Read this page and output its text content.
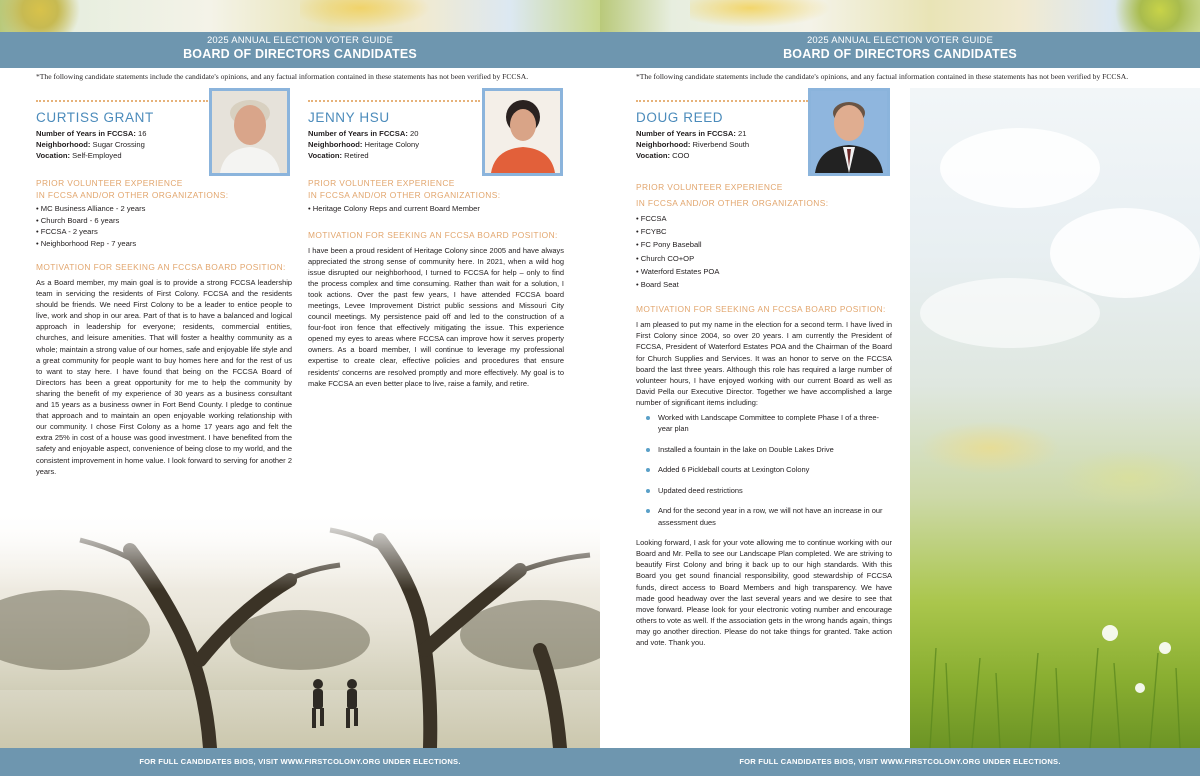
2025 ANNUAL ELECTION VOTER GUIDE
BOARD OF DIRECTORS CANDIDATES
*The following candidate statements include the candidate's opinions, and any factual information contained in these statements has not been verified by FCCSA.
CURTISS GRANT
Number of Years in FCCSA: 16
Neighborhood: Sugar Crossing
Vocation: Self-Employed
PRIOR VOLUNTEER EXPERIENCE
IN FCCSA AND/OR OTHER ORGANIZATIONS:
• MC Business Alliance - 2 years
• Church Board - 6 years
• FCCSA - 2 years
• Neighborhood Rep - 7 years
MOTIVATION FOR SEEKING AN FCCSA BOARD POSITION:

As a Board member, my main goal is to provide a strong FCCSA leadership team in servicing the residents of First Colony. FCCSA and the residents should be friends. We need First Colony to be a leader to entice people to live, work and shop in our area. Part of that is to have a balanced and logical approach in leadership for everyone; residents, commercial entities, churches, and leisure amenities. That will foster a healthy community as a whole; maintain a strong value of our homes, safe and enjoyable life style and a great community for people want to buy homes here and for the rest of us to want to stay here. I have found that being on the FCCSA Board of Directors has been a great opportunity for me to help the community by sharing the benefit of my experience of 30 years as a business consultant and 15 years as a business owner in Fort Bend County. I pledge to continue that approach and to maintain an open enjoyable working relationship with our community. I chose First Colony as a home 17 years ago and felt the extra 25% in cost of a house was good investment. I have benefited from the safety and enjoyable aspect, convenience of being close to my world, and the consistent improvement in home value. I look forward to serving for another 2 years.

JENNY HSU
Number of Years in FCCSA: 20
Neighborhood: Heritage Colony
Vocation: Retired
PRIOR VOLUNTEER EXPERIENCE
IN FCCSA AND/OR OTHER ORGANIZATIONS:
• Heritage Colony Reps and current Board Member
MOTIVATION FOR SEEKING AN FCCSA BOARD POSITION:

I have been a proud resident of Heritage Colony since 2005 and have always appreciated the strong sense of community here. In 2021, when a wild hog issue disrupted our neighborhood, I turned to FCCSA for help – only to find the process complex and time consuming. Rather than wait for a solution, I took actions. Over the past few years, I have attended FCCSA board meetings, Levee Improvement District public sessions and Missouri City council meetings. My persistence paid off and led to the construction of a four-foot iron fence that effectively mitigating the issue. This experience opened my eyes to areas where FCCSA can improve how it serves property owners. As a board member, I will continue to leverage my professional expertise to create clear, effective policies and procedures that ensure residents' concerns are resolved promptly and more effectively. My goal is to make FCCSA an even better place to live, raise a family, and retire.

FOR FULL CANDIDATES BIOS, VISIT WWW.FIRSTCOLONY.ORG UNDER ELECTIONS.
2025 ANNUAL ELECTION VOTER GUIDE
BOARD OF DIRECTORS CANDIDATES
*The following candidate statements include the candidate's opinions, and any factual information contained in these statements has not been verified by FCCSA.
DOUG REED
Number of Years in FCCSA: 21
Neighborhood: Riverbend South
Vocation: COO
PRIOR VOLUNTEER EXPERIENCE
IN FCCSA AND/OR OTHER ORGANIZATIONS:
• FCCSA
• FCYBC
• FC Pony Baseball
• Church CO+OP
• Waterford Estates POA
• Board Seat
MOTIVATION FOR SEEKING AN FCCSA BOARD POSITION:

I am pleased to put my name in the election for a second term. I have lived in First Colony since 2004, so over 20 years. I am currently the President of FCCSA, President of Waterford Estates POA and the Chairman of the Board for Church Supplies and Services. It was an honor to serve on the FCCSA board the last three years. Although this role has required a large number of volunteer hours, I have enjoyed working with our current Board as well as David Pella our Executive Director. Together we have accomplished a large number of significant items including:

Worked with Landscape Committee to complete Phase I of a three-year plan
Installed a fountain in the lake on Double Lakes Drive
Added 6 Pickleball courts at Lexington Colony
Updated deed restrictions
And for the second year in a row, we will not have an increase in our assessment dues

Looking forward, I ask for your vote allowing me to continue working with our Board and Mr. Pella to see our Landscape Plan completed. We are striving to beautify First Colony and bring it back up to our high standards. With this Board you get sound financial responsibility, good stewardship of FCCSA funds, direct access to Board Members and high transparency. We have made good headway over the last several years and we desire to see that move forward. Please look for your electronic voting number and encourage others to vote as well. If the association gets in the wrong hands again, things may go another direction. Please do not take things for granted. Take action and vote. Thank you.

FOR FULL CANDIDATES BIOS, VISIT WWW.FIRSTCOLONY.ORG UNDER ELECTIONS.
